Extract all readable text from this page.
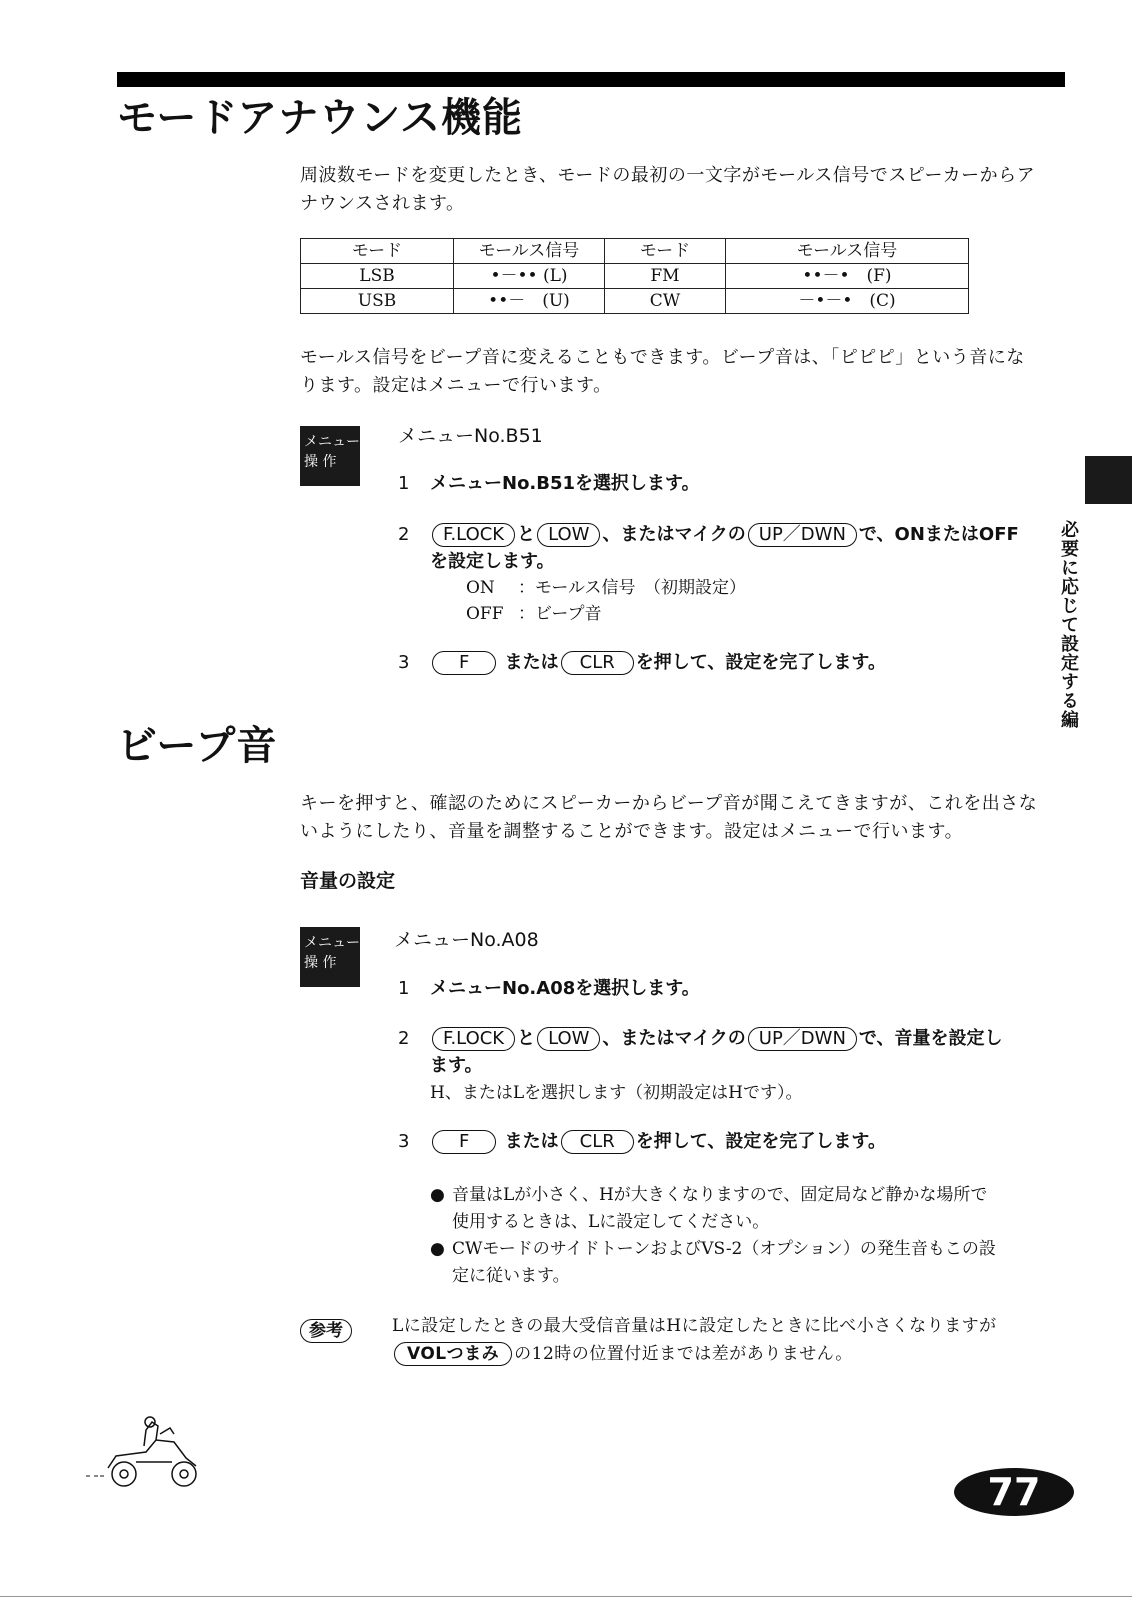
モードアナウンス機能
周波数モードを変更したとき、モードの最初の一文字がモールス信号でスピーカーからア
ナウンスされます。
モード	モールス信号	モード	モールス信号
LSB	•－•• (L)	FM	••－•　(F)
USB	••－　(U)	CW	－•－•　(C)
モールス信号をビープ音に変えることもできます。ビープ音は、「ピピピ」という音にな
ります。設定はメニューで行います。
メニュー
操 作
メニューNo.B51
1 メニューNo.B51を選択します。
2 F.LOCK と LOW 、またはマイクの UP／DWN で、ONまたはOFF
を設定します。
ON ：モールス信号　（初期設定）
OFF ：ビープ音
3	F または CLR を押して、設定を完了します。	必要に応じて設定する編
ビープ音
キーを押すと、確認のためにスピーカーからビープ音が聞こえてきますが、これを出さな
いようにしたり、音量を調整することができます。設定はメニューで行います。
音量の設定
メニュー
操 作
メニューNo.A08
1 メニューNo.A08を選択します。
2 F.LOCK と LOW 、またはマイクの UP／DWN で、音量を設定し
ます。
H、またはLを選択します（初期設定はHです）。
3	F または CLR を押して、設定を完了します。
● 音量はLが小さく、Hが大きくなりますので、固定局など静かな場所で
使用するときは、Lに設定してください。
● CWモードのサイドトーンおよびVS-2（オプション）の発生音もこの設
定に従います。
参考	Lに設定したときの最大受信音量はHに設定したときに比べ小さくなりますが
VOLつまみ の12時の位置付近までは差がありません。
77
